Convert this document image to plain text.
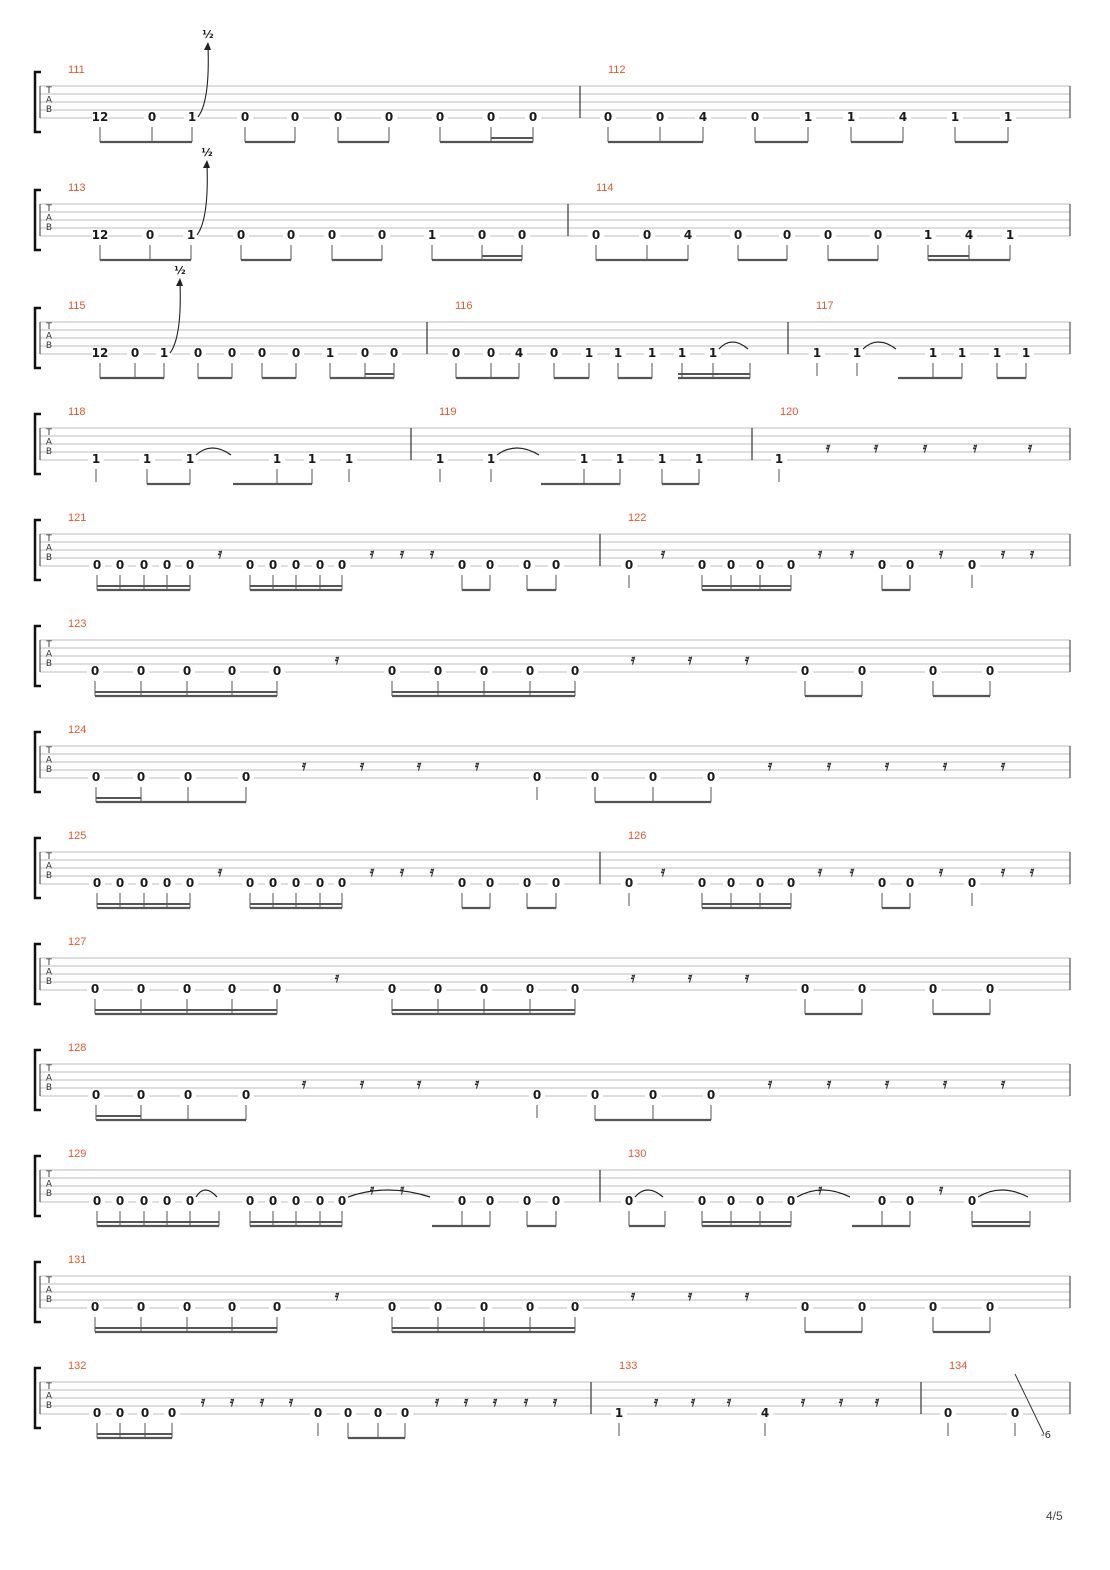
T
A
B
111
12	0	1	0	0	0	0	0	0	0
½
112
0	0	4	0	1	1	4	1	1
T
A
B
113
12	0	1	0	0	0	0	1	0	0
½
114
0	0	4	0	0	0	0	1	4	1
T
A
B
115
12 0 1 0 0 0 0 1 0 0
½
116
0 0 4 0 1 1 1 1 1
117
1	1	1 1 1 1
T
A
B
118
1	1	1	1 1 1
119
1	1	1 1	1 1
120
1
𝄿	𝄿	𝄿	𝄿	𝄿
T
A
B
121
0 0 0 0 0	0 0 0 0 0	0 0 0 0
𝄿	𝄿 𝄿 𝄿
122
0	0 0 0 0	0 0	0
𝄿	𝄿 𝄿	𝄿	𝄿 𝄿
T
A
B
123
0	0	0	0	0	0	0	0	0	0	0	0	0	0
𝄿	𝄿	𝄿	𝄿
T
A
B
124
0	0	0	0	0	0	0	0
𝄿	𝄿	𝄿	𝄿	𝄿	𝄿	𝄿	𝄿	𝄿
T
A
B
125
0 0 0 0 0	0 0 0 0 0	0 0 0 0
𝄿	𝄿 𝄿 𝄿
126
0	0 0 0 0	0 0	0
𝄿	𝄿 𝄿	𝄿	𝄿 𝄿
T
A
B
127
0	0	0	0	0	0	0	0	0	0	0	0	0	0
𝄿	𝄿	𝄿	𝄿
T
A
B
128
0	0	0	0	0	0	0	0
𝄿	𝄿	𝄿	𝄿	𝄿	𝄿	𝄿	𝄿	𝄿
T
A
B
129
0 0 0 0 0	0 0 0 0 0	0 0 0 0
𝄿 𝄿
130
0	0 0 0 0	0 0	0
𝄿	𝄿
T
A
B
131
0	0	0	0	0	0	0	0	0	0	0	0	0	0
𝄿	𝄿	𝄿	𝄿
T
A
B
132
0 0 0 0	0 0 0 0
𝄿 𝄿 𝄿 𝄿	𝄿 𝄿 𝄿 𝄿 𝄿
133
1	4
𝄿 𝄿 𝄿	𝄿 𝄿 𝄿
134
0	0
-6
4/5
